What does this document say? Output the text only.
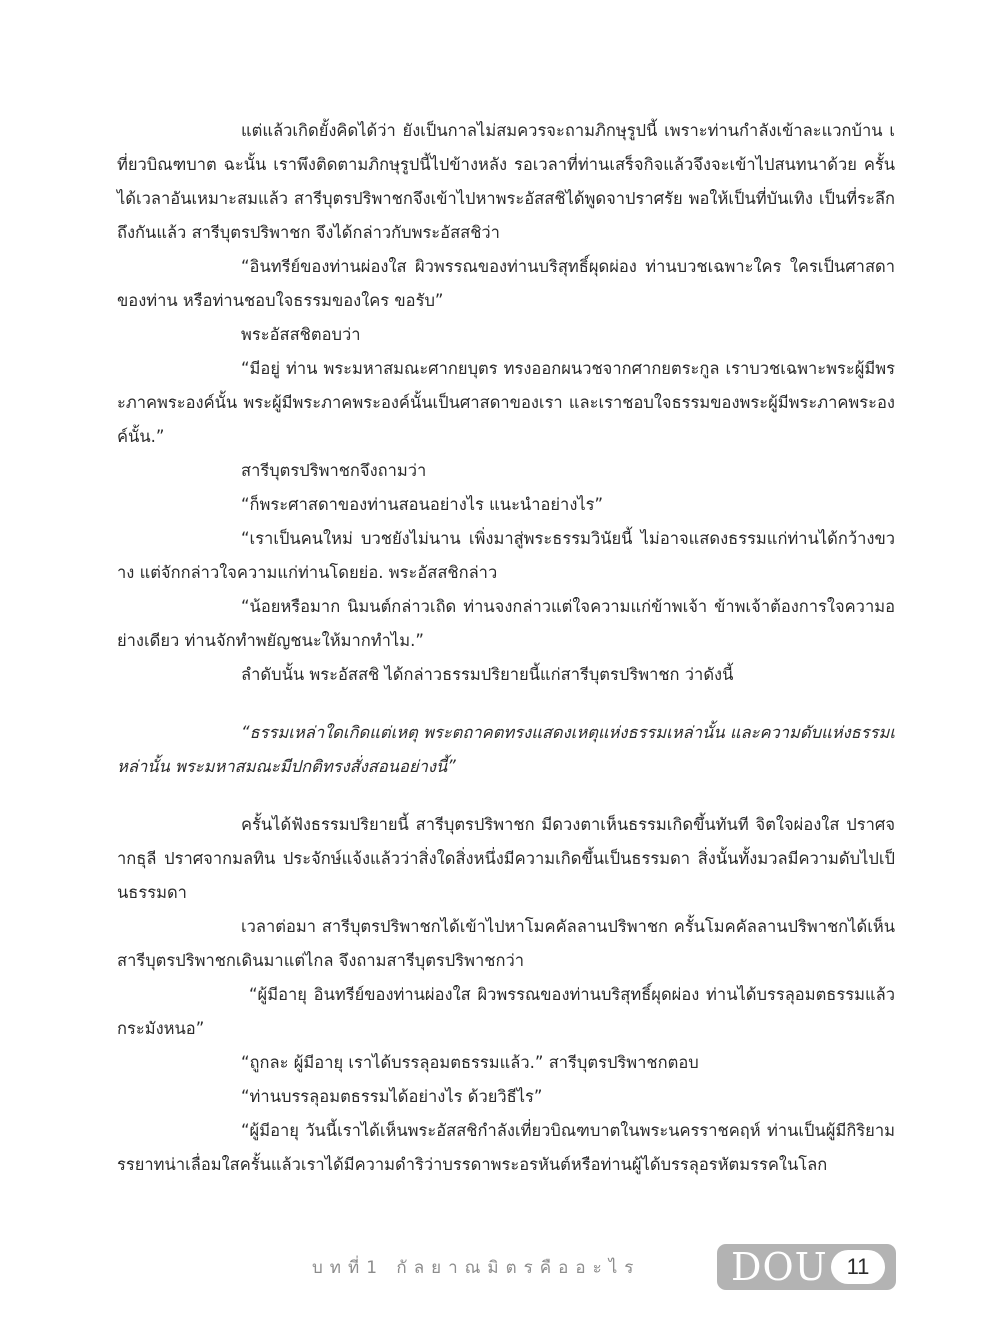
แต่แล้วเกิดยั้งคิดได้ว่า ยังเป็นกาลไม่สมควรจะถามภิกษุรูปนี้ เพราะท่านกำลังเข้าละแวกบ้าน เที่ยวบิณฑบาต ฉะนั้น เราพึงติดตามภิกษุรูปนี้ไปข้างหลัง รอเวลาที่ท่านเสร็จกิจแล้วจึงจะเข้าไปสนทนาด้วย ครั้นได้เวลาอันเหมาะสมแล้ว สารีบุตรปริพาชกจึงเข้าไปหาพระอัสสชิได้พูดจาปราศรัย พอให้เป็นที่บันเทิง เป็นที่ระลึกถึงกันแล้ว สารีบุตรปริพาชก จึงได้กล่าวกับพระอัสสชิว่า

“อินทรีย์ของท่านผ่องใส ผิวพรรณของท่านบริสุทธิ์ผุดผ่อง ท่านบวชเฉพาะใคร ใครเป็นศาสดา ของท่าน หรือท่านชอบใจธรรมของใคร ขอรับ”

พระอัสสชิตอบว่า

“มีอยู่ ท่าน พระมหาสมณะศากยบุตร ทรงออกผนวชจากศากยตระกูล เราบวชเฉพาะพระผู้มีพระภาคพระองค์นั้น พระผู้มีพระภาคพระองค์นั้นเป็นศาสดาของเรา และเราชอบใจธรรมของพระผู้มีพระภาคพระองค์นั้น.”

สารีบุตรปริพาชกจึงถามว่า

“ก็พระศาสดาของท่านสอนอย่างไร แนะนำอย่างไร”

“เราเป็นคนใหม่ บวชยังไม่นาน เพิ่งมาสู่พระธรรมวินัยนี้ ไม่อาจแสดงธรรมแก่ท่านได้กว้างขวาง แต่จักกล่าวใจความแก่ท่านโดยย่อ. พระอัสสชิกล่าว

“น้อยหรือมาก นิมนต์กล่าวเถิด ท่านจงกล่าวแต่ใจความแก่ข้าพเจ้า ข้าพเจ้าต้องการใจความอย่างเดียว ท่านจักทำพยัญชนะให้มากทำไม.”

ลำดับนั้น พระอัสสชิ ได้กล่าวธรรมปริยายนี้แก่สารีบุตรปริพาชก ว่าดังนี้

“ธรรมเหล่าใดเกิดแต่เหตุ พระตถาคตทรงแสดงเหตุแห่งธรรมเหล่านั้น และความดับแห่งธรรมเหล่านั้น พระมหาสมณะมีปกติทรงสั่งสอนอย่างนี้”

ครั้นได้ฟังธรรมปริยายนี้ สารีบุตรปริพาชก มีดวงตาเห็นธรรมเกิดขึ้นทันที จิตใจผ่องใส ปราศจากธุลี ปราศจากมลทิน ประจักษ์แจ้งแล้วว่าสิ่งใดสิ่งหนึ่งมีความเกิดขึ้นเป็นธรรมดา สิ่งนั้นทั้งมวลมีความดับไปเป็นธรรมดา

เวลาต่อมา สารีบุตรปริพาชกได้เข้าไปหาโมคคัลลานปริพาชก ครั้นโมคคัลลานปริพาชกได้เห็นสารีบุตรปริพาชกเดินมาแต่ไกล จึงถามสารีบุตรปริพาชกว่า

“ผู้มีอายุ อินทรีย์ของท่านผ่องใส ผิวพรรณของท่านบริสุทธิ์ผุดผ่อง ท่านได้บรรลุอมตธรรมแล้วกระมังหนอ”

“ถูกละ ผู้มีอายุ เราได้บรรลุอมตธรรมแล้ว.” สารีบุตรปริพาชกตอบ

“ท่านบรรลุอมตธรรมได้อย่างไร ด้วยวิธีไร”

“ผู้มีอายุ วันนี้เราได้เห็นพระอัสสชิกำลังเที่ยวบิณฑบาตในพระนครราชคฤห์ ท่านเป็นผู้มีกิริยามรรยาทน่าเลื่อมใสครั้นแล้วเราได้มีความดำริว่าบรรดาพระอรหันต์หรือท่านผู้ได้บรรลุอรหัตมรรคในโลก

บทที่1 กัลยาณมิตรคืออะไร DOU 11
